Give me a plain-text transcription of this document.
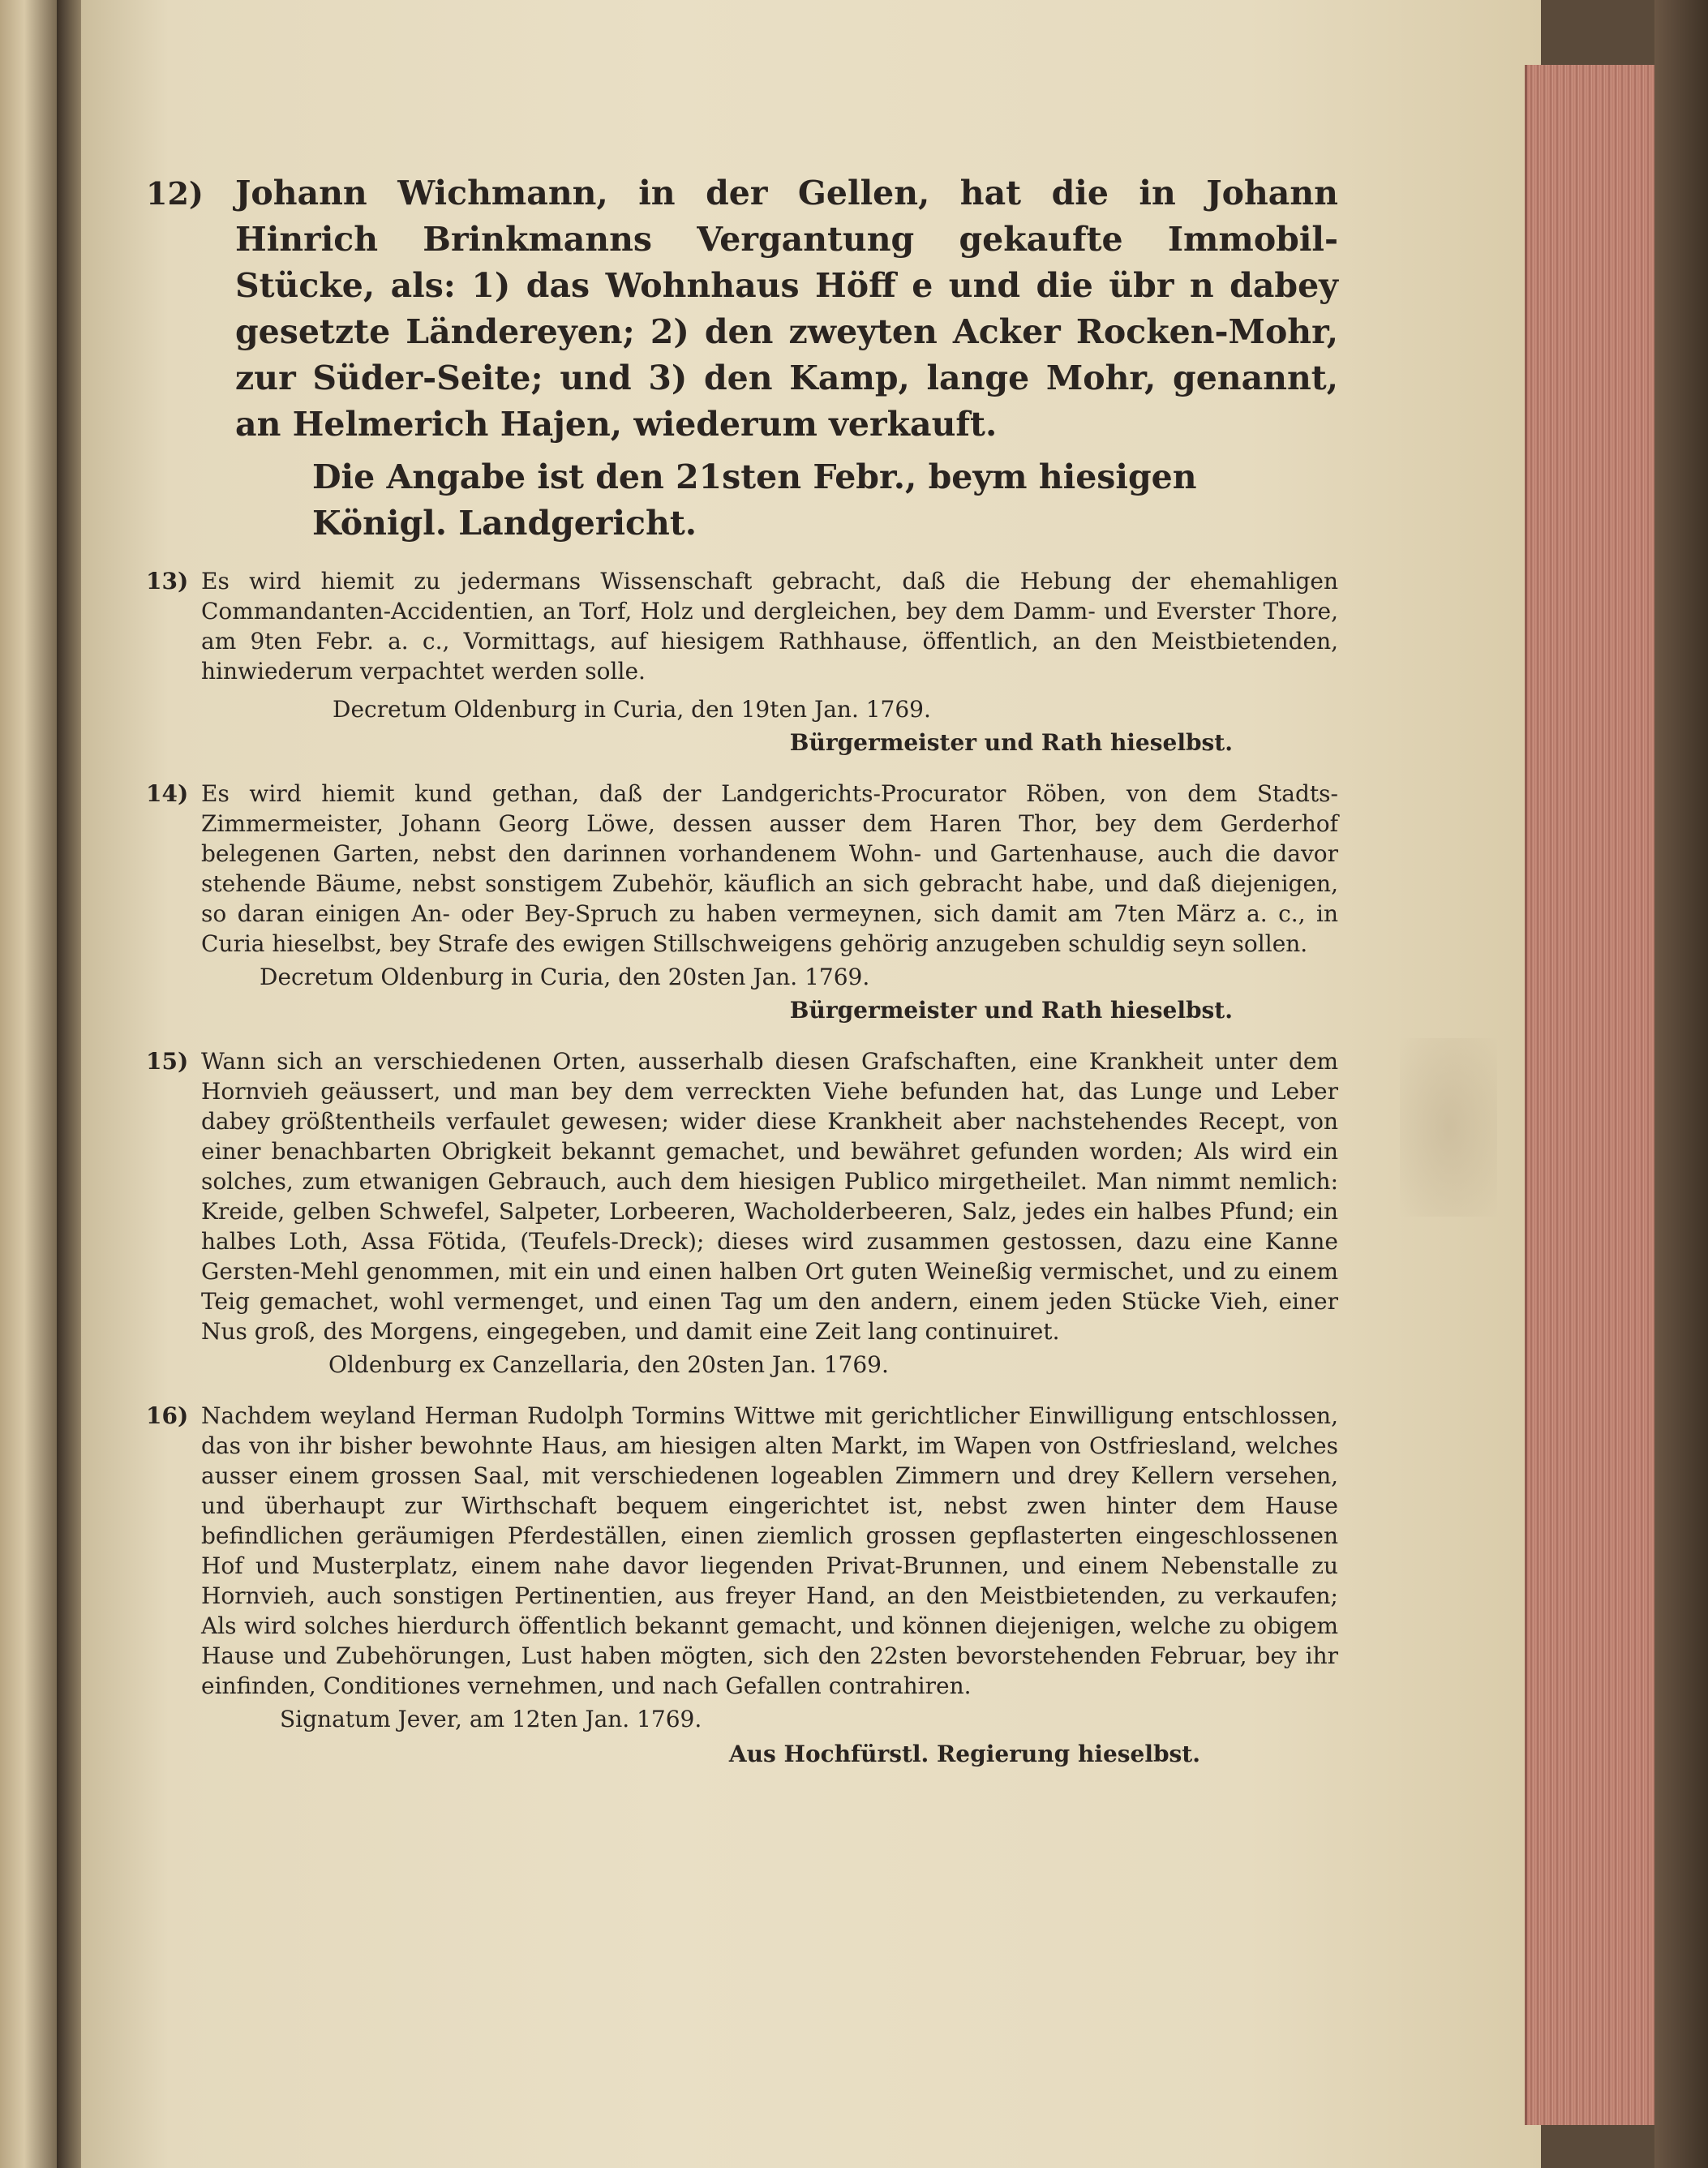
12) Johann Wichmann, in der Gellen, hat die in Johann Hinrich Brinkmanns Vergantung gekaufte Immobil-Stücke, als: 1) das Wohnhaus Höff e und die übr n dabey gesetzte Ländereyen; 2) den zweyten Acker Rocken-Mohr, zur Süder-Seite; und 3) den Kamp, lange Mohr, genannt, an Helmerich Hajen, wiederum verkauft.
Die Angabe ist den 21sten Febr., beym hiesigen Königl. Landgericht.
13) Es wird hiemit zu jedermans Wissenschaft gebracht, daß die Hebung der ehemahligen Commandanten-Accidentien, an Torf, Holz und dergleichen, bey dem Damm- und Everster Thore, am 9ten Febr. a. c., Vormittags, auf hiesigem Rathhause, öffentlich, an den Meistbietenden, hinwiederum verpachtet werden solle.
Decretum Oldenburg in Curia, den 19ten Jan. 1769.
Bürgermeister und Rath hieselbst.
14) Es wird hiemit kund gethan, daß der Landgerichts-Procurator Röben, von dem Stadts-Zimmermeister, Johann Georg Löwe, dessen ausser dem Haren Thor, bey dem Gerderhof belegenen Garten, nebst den darinnen vorhandenem Wohn- und Gartenhause, auch die davor stehende Bäume, nebst sonstigem Zubehör, käuflich an sich gebracht habe, und daß diejenigen, so daran einigen An- oder Bey-Spruch zu haben vermeynen, sich damit am 7ten März a. c., in Curia hieselbst, bey Strafe des ewigen Stillschweigens gehörig anzugeben schuldig seyn sollen.
Decretum Oldenburg in Curia, den 20sten Jan. 1769.
Bürgermeister und Rath hieselbst.
15) Wann sich an verschiedenen Orten, ausserhalb diesen Grafschaften, eine Krankheit unter dem Hornvieh geäussert, und man bey dem verreckten Viehe befunden hat, das Lunge und Leber dabey größtentheils verfaulet gewesen; wider diese Krankheit aber nachstehendes Recept, von einer benachbarten Obrigkeit bekannt gemachet, und bewähret gefunden worden; Als wird ein solches, zum etwanigen Gebrauch, auch dem hiesigen Publico mirgetheilet. Man nimmt nemlich: Kreide, gelben Schwefel, Salpeter, Lorbeeren, Wacholderbeeren, Salz, jedes ein halbes Pfund; ein halbes Loth, Assa Fötida, (Teufels-Dreck); dieses wird zusammen gestossen, dazu eine Kanne Gersten-Mehl genommen, mit ein und einen halben Ort guten Weineßig vermischet, und zu einem Teig gemachet, wohl vermenget, und einen Tag um den andern, einem jeden Stücke Vieh, einer Nus groß, des Morgens, eingegeben, und damit eine Zeit lang continuiret.
Oldenburg ex Canzellaria, den 20sten Jan. 1769.
16) Nachdem weyland Herman Rudolph Tormins Wittwe mit gerichtlicher Einwilligung entschlossen, das von ihr bisher bewohnte Haus, am hiesigen alten Markt, im Wapen von Ostfriesland, welches ausser einem grossen Saal, mit verschiedenen logeablen Zimmern und drey Kellern versehen, und überhaupt zur Wirthschaft bequem eingerichtet ist, nebst zwen hinter dem Hause befindlichen geräumigen Pferdeställen, einen ziemlich grossen gepflasterten eingeschlossenen Hof und Musterplatz, einem nahe davor liegenden Privat-Brunnen, und einem Nebenstalle zu Hornvieh, auch sonstigen Pertinentien, aus freyer Hand, an den Meistbietenden, zu verkaufen; Als wird solches hierdurch öffentlich bekannt gemacht, und können diejenigen, welche zu obigem Hause und Zubehörungen, Lust haben mögten, sich den 22sten bevorstehenden Februar, bey ihr einfinden, Conditiones vernehmen, und nach Gefallen contrahiren.
Signatum Jever, am 12ten Jan. 1769.
Aus Hochfürstl. Regierung hieselbst.
